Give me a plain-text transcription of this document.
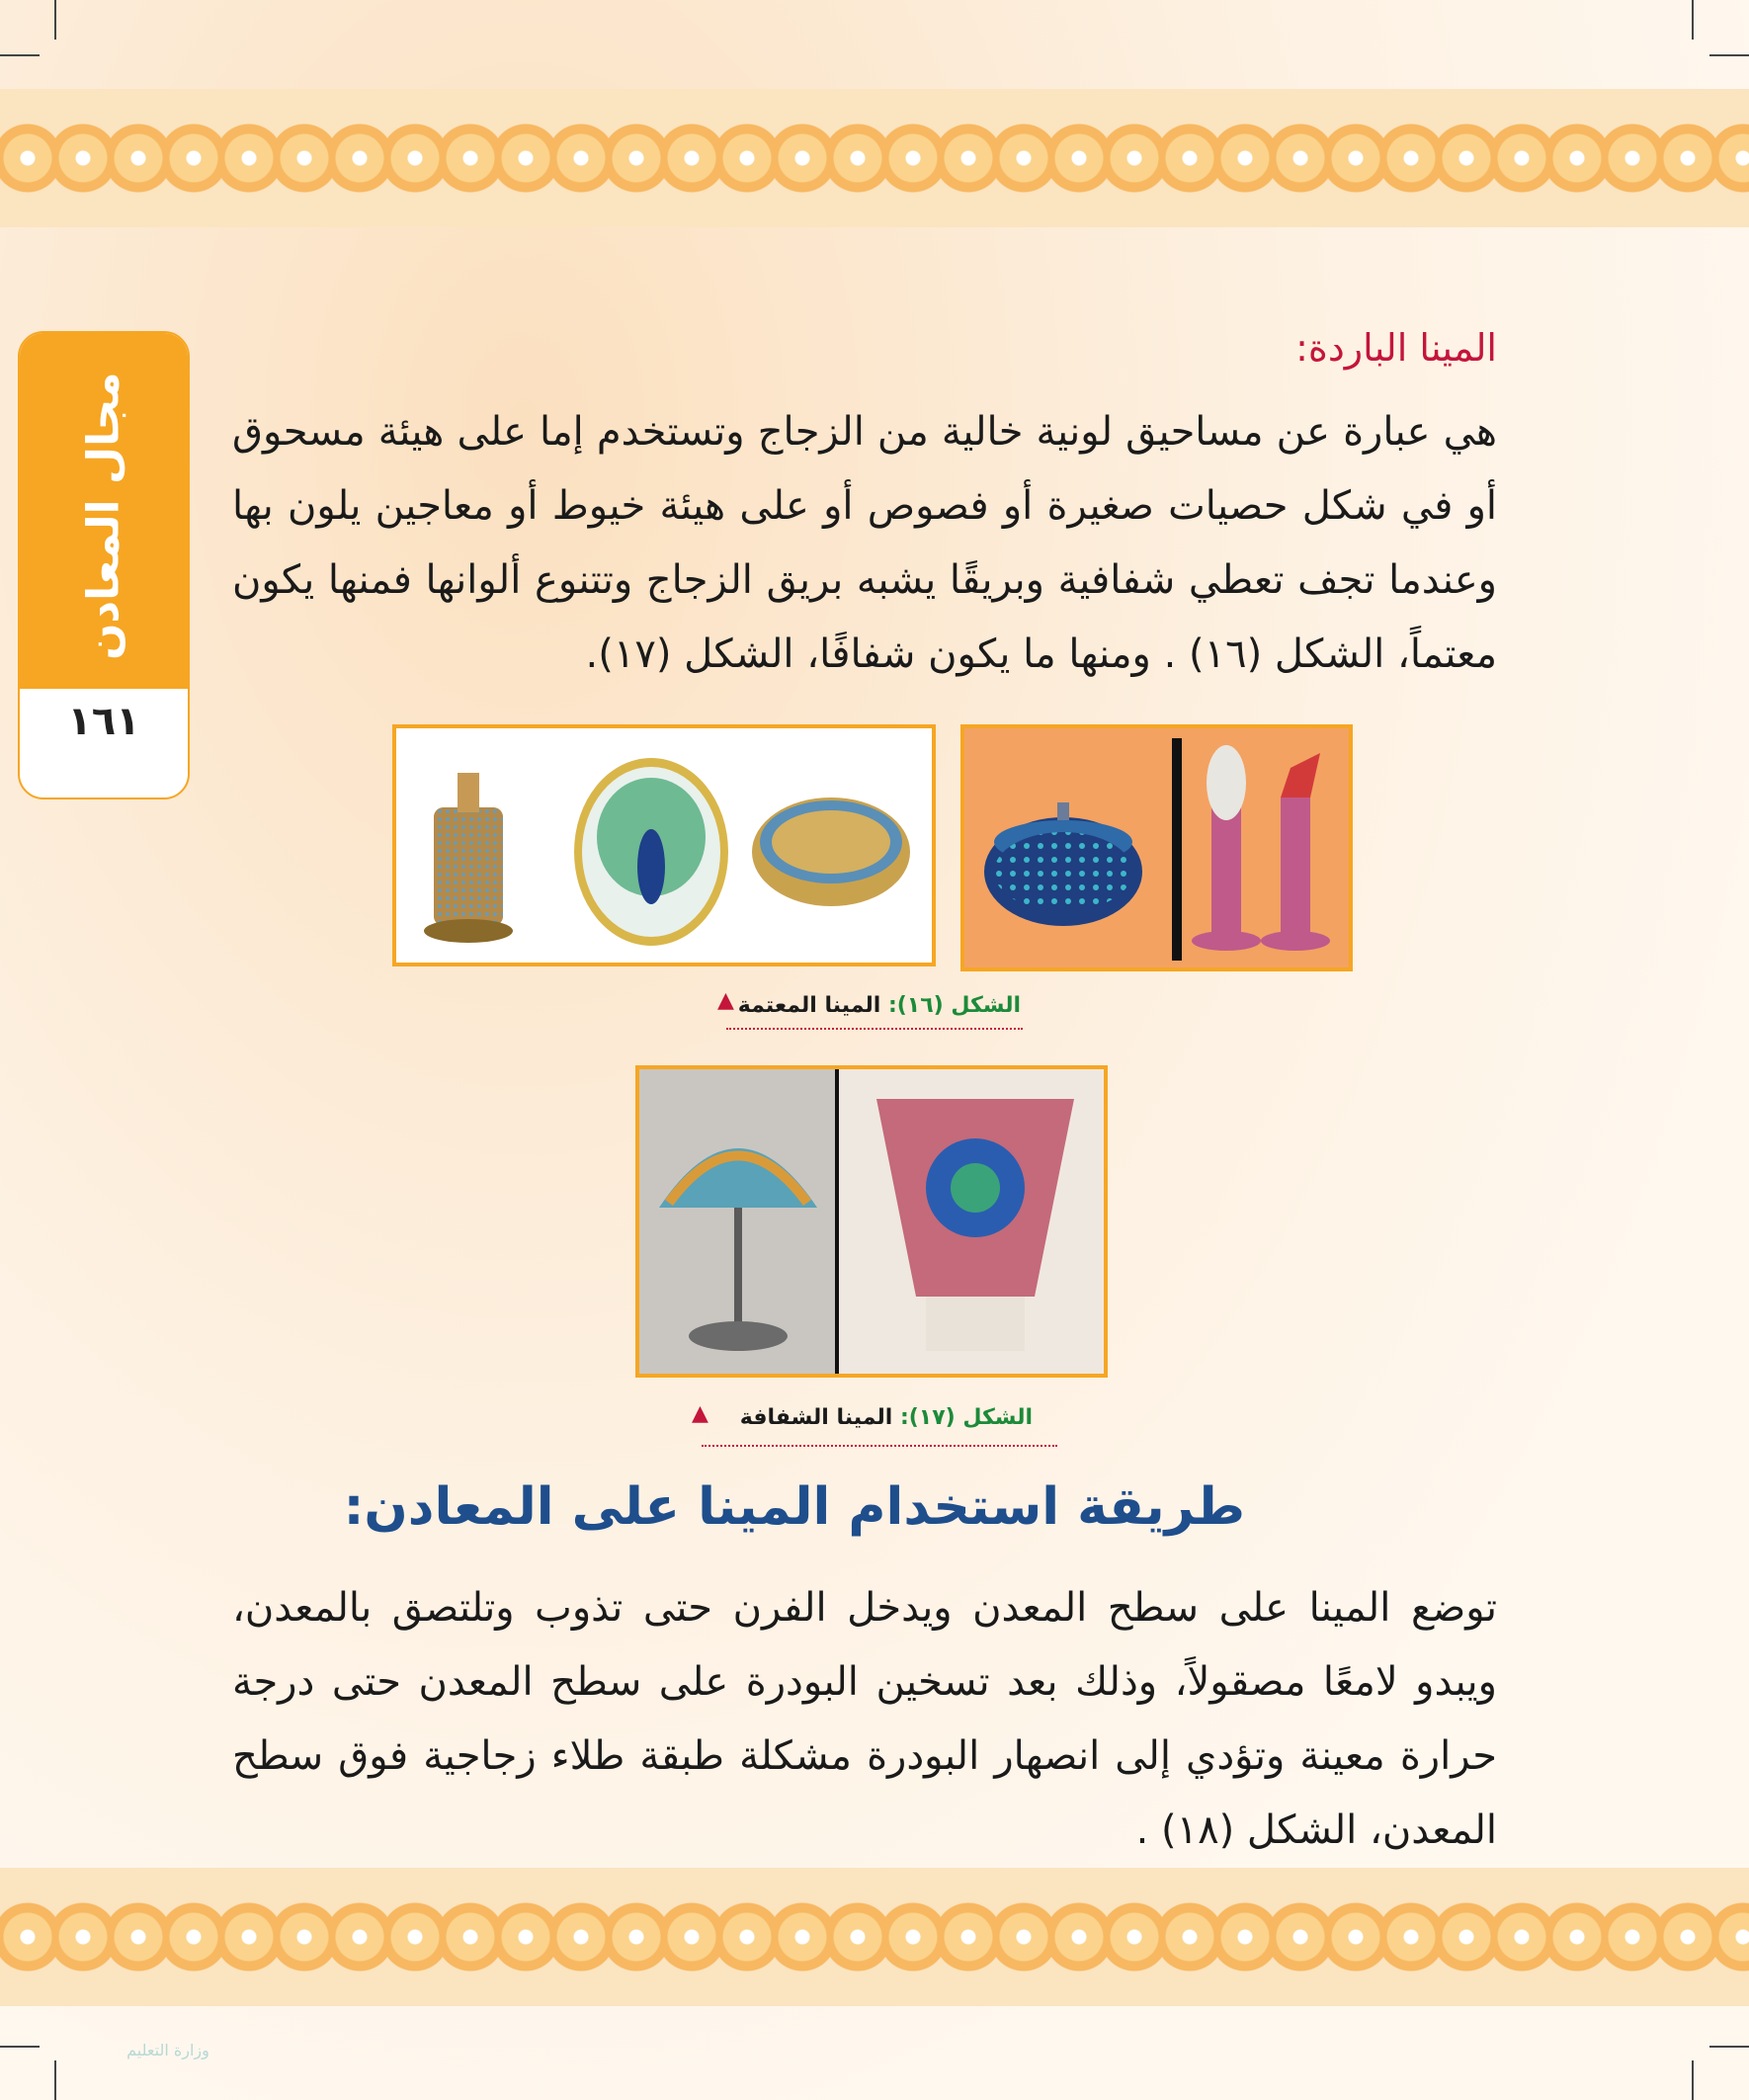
مجال المعادن
١٦١
المينا الباردة:
هي عبارة عن مساحيق لونية خالية من الزجاج وتستخدم إما على هيئة مسحوق أو في شكل حصيات صغيرة أو فصوص أو على هيئة خيوط أو معاجين يلون بها وعندما تجف تعطي شفافية وبريقًا يشبه بريق الزجاج وتتنوع ألوانها فمنها يكون معتماً، الشكل (١٦) . ومنها ما يكون شفافًا، الشكل (١٧).
الشكل (١٦): المينا المعتمة
▲
الشكل (١٧): المينا الشفافة
▲
طريقة استخدام المينا على المعادن:
توضع المينا على سطح المعدن ويدخل الفرن حتى تذوب وتلتصق بالمعدن، ويبدو لامعًا مصقولاً، وذلك بعد تسخين البودرة على سطح المعدن حتى درجة حرارة معينة وتؤدي إلى انصهار البودرة مشكلة طبقة طلاء زجاجية فوق سطح المعدن، الشكل (١٨) .
وزارة التعليم
